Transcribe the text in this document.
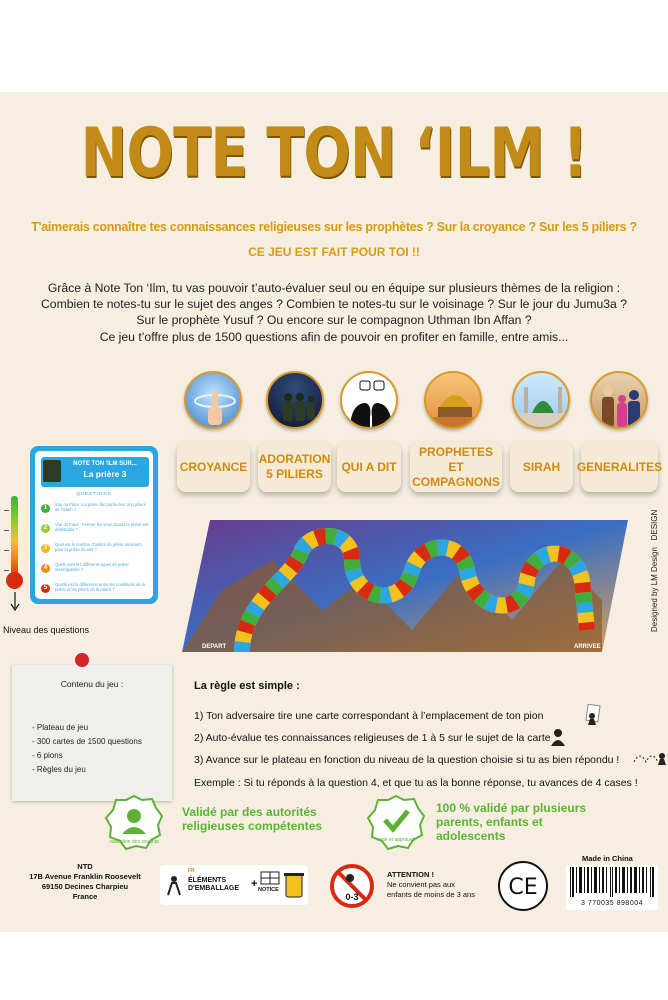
NOTE TON ‘ILM !
T'aimerais connaître tes connaissances religieuses sur les prophètes ? Sur la croyance ? Sur les 5 piliers ?
CE JEU EST FAIT POUR TOI !!
Grâce à Note Ton ‘Ilm, tu vas pouvoir t’auto-évaluer seul ou en équipe sur plusieurs thèmes de la religion :
Combien te notes-tu sur le sujet des anges ? Combien te notes-tu sur le voisinage ? Sur le jour du Jumu3a ?
Sur le prophète Yusuf ? Ou encore sur le compagnon Uthman Ibn Affan ?
Ce jeu t’offre plus de 1500 questions afin de pouvoir en profiter en famille, entre amis...
CROYANCE
ADORATION 5 PILIERS
QUI A DIT
PROPHETES ET COMPAGNONS
SIRAH	GENERALITES
NOTE TON 'ILM SUR...
La prière 3
QUESTIONS
1
Vrai ou Faux : La prière fait partie des cinq piliers de l'Islam ?
2
Vrai ou Faux : Fermer les yeux durant la prière est détestable ?
3
Quel est le nombre d'unités de prière minimum pour la prière du witr ?
4
Quels sont les différents types de prière surérogatoire ?
5
Quelle est la différence entre les conditions de la prière et les piliers de la prière ?
Niveau des questions
DEPART	ARRIVEE
Designed by LM Design   DESIGN
Contenu du jeu :
- Plateau de jeu
- 300 cartes de 1500 questions
- 6 pions
- Règles du jeu
La règle est simple :
1) Ton adversaire tire une carte correspondant à l’emplacement de ton pion
2) Auto-évalue tes connaissances religieuses de 1 à 5 sur le sujet de la carte
3) Avance sur le plateau en fonction du niveau de la question choisie si tu as bien répondu !
Exemple : Si tu réponds à la question 4, et que tu as la bonne réponse, tu avances de 4 cases !
validation des savants
Validé par des autorités religieuses compétentes
testé et approuvé
100 % validé par plusieurs parents, enfants et adolescents
NTD
17B Avenue Franklin Roosevelt
69150 Decines Charpieu
France
FR
ÉLÉMENTS D'EMBALLAGE	+ NOTICE
0-3
ATTENTION !
Ne convient pas aux
enfants de moins de 3 ans CE
Made in China
3 770035 898004
